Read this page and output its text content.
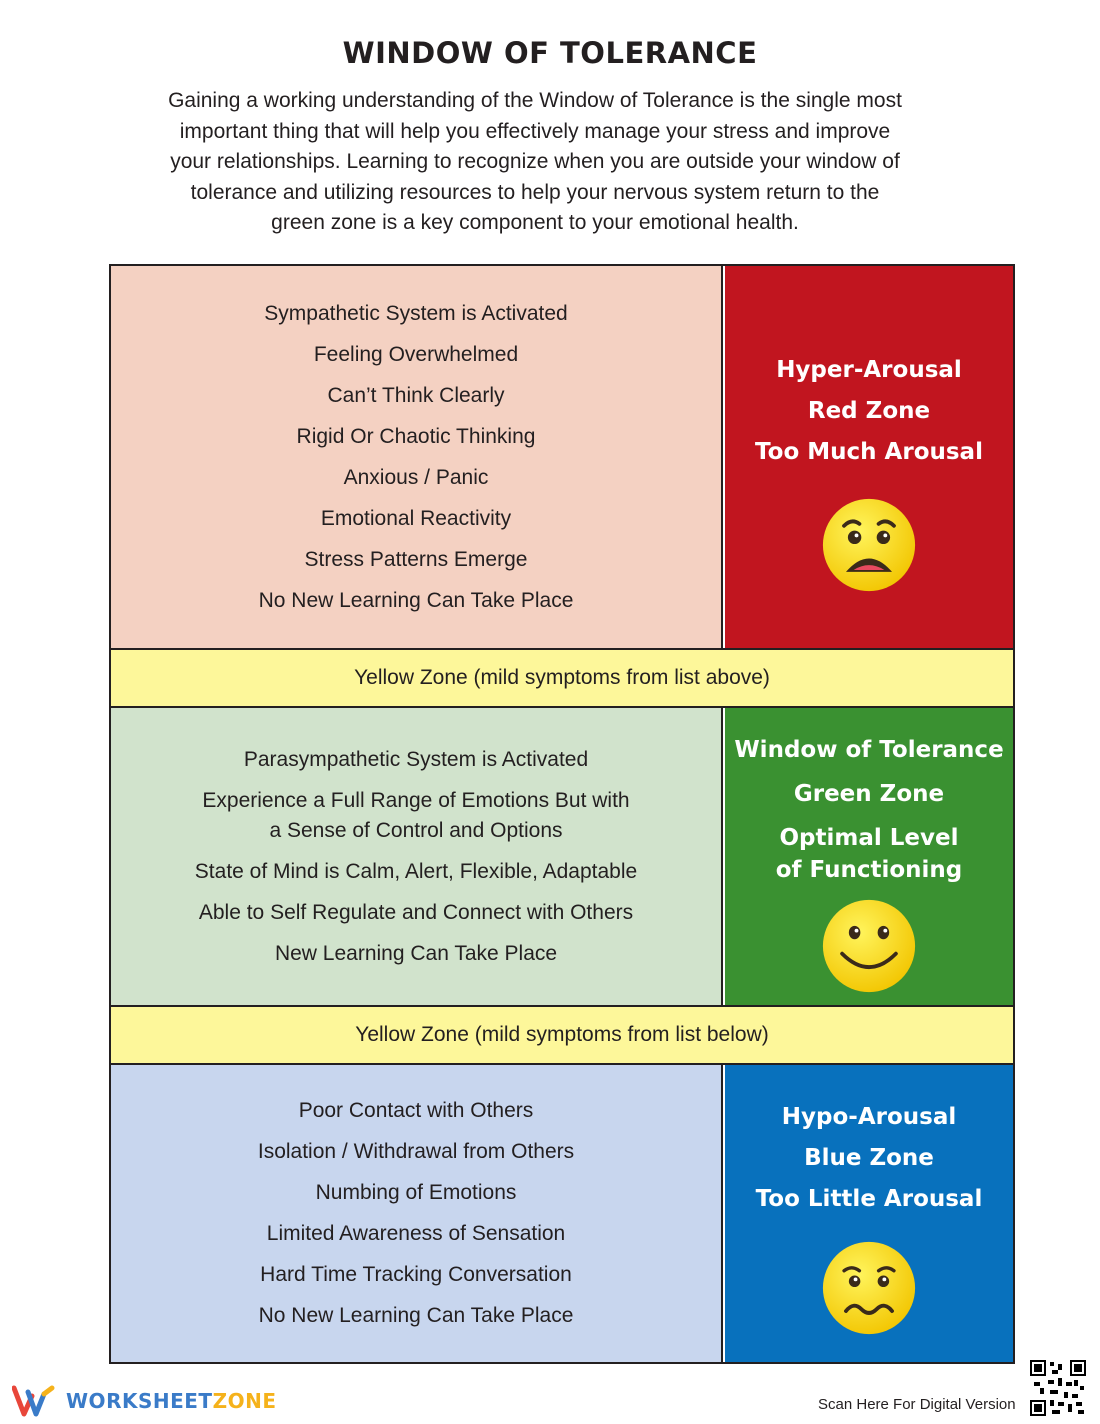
WINDOW OF TOLERANCE
Gaining a working understanding of the Window of Tolerance is the single most
important thing that will help you effectively manage your stress and improve
your relationships. Learning to recognize when you are outside your window of
tolerance and utilizing resources to help your nervous system return to the
green zone is a key component to your emotional health.
Sympathetic System is Activated
Feeling Overwhelmed
Can’t Think Clearly
Rigid Or Chaotic Thinking
Anxious / Panic
Emotional Reactivity
Stress Patterns Emerge
No New Learning Can Take Place
Hyper-Arousal
Red Zone
Too Much Arousal
Yellow Zone (mild symptoms from list above)
Parasympathetic System is Activated
Experience a Full Range of Emotions But with
a Sense of Control and Options
State of Mind is Calm, Alert, Flexible, Adaptable
Able to Self Regulate and Connect with Others
New Learning Can Take Place
Window of Tolerance
Green Zone
Optimal Level
of Functioning
Yellow Zone (mild symptoms from list below)
Poor Contact with Others
Isolation / Withdrawal from Others
Numbing of Emotions
Limited Awareness of Sensation
Hard Time Tracking Conversation
No New Learning Can Take Place
Hypo-Arousal
Blue Zone
Too Little Arousal
WORKSHEETZONE	Scan Here For Digital Version
